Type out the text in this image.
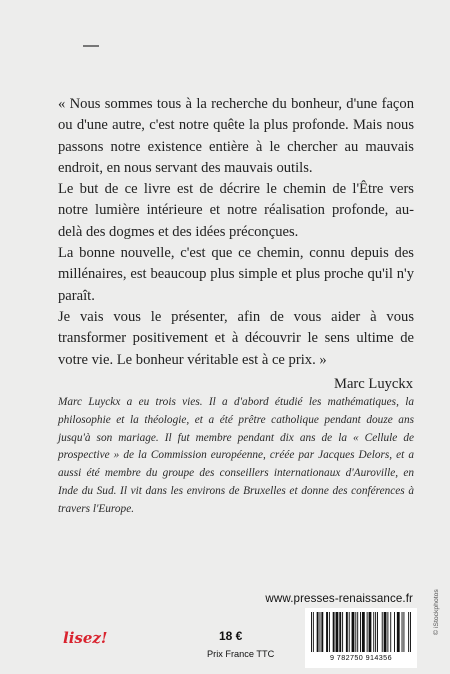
« Nous sommes tous à la recherche du bonheur, d'une façon ou d'une autre, c'est notre quête la plus profonde. Mais nous passons notre existence entière à le chercher au mauvais endroit, en nous servant des mauvais outils.

Le but de ce livre est de décrire le chemin de l'Être vers notre lumière intérieure et notre réalisation profonde, au-delà des dogmes et des idées préconçues.

La bonne nouvelle, c'est que ce chemin, connu depuis des millénaires, est beaucoup plus simple et plus proche qu'il n'y paraît.

Je vais vous le présenter, afin de vous aider à vous transformer positivement et à découvrir le sens ultime de votre vie. Le bonheur véritable est à ce prix. »

Marc Luyckx

Marc Luyckx a eu trois vies. Il a d'abord étudié les mathématiques, la philosophie et la théologie, et a été prêtre catholique pendant douze ans jusqu'à son mariage. Il fut membre pendant dix ans de la « Cellule de prospective » de la Commission européenne, créée par Jacques Delors, et a aussi été membre du groupe des conseillers internationaux d'Auroville, en Inde du Sud. Il vit dans les environs de Bruxelles et donne des conférences à travers l'Europe.

www.presses-renaissance.fr
lisez!	18 €
Prix France TTC	9 782750 914356
© iStockphotos
